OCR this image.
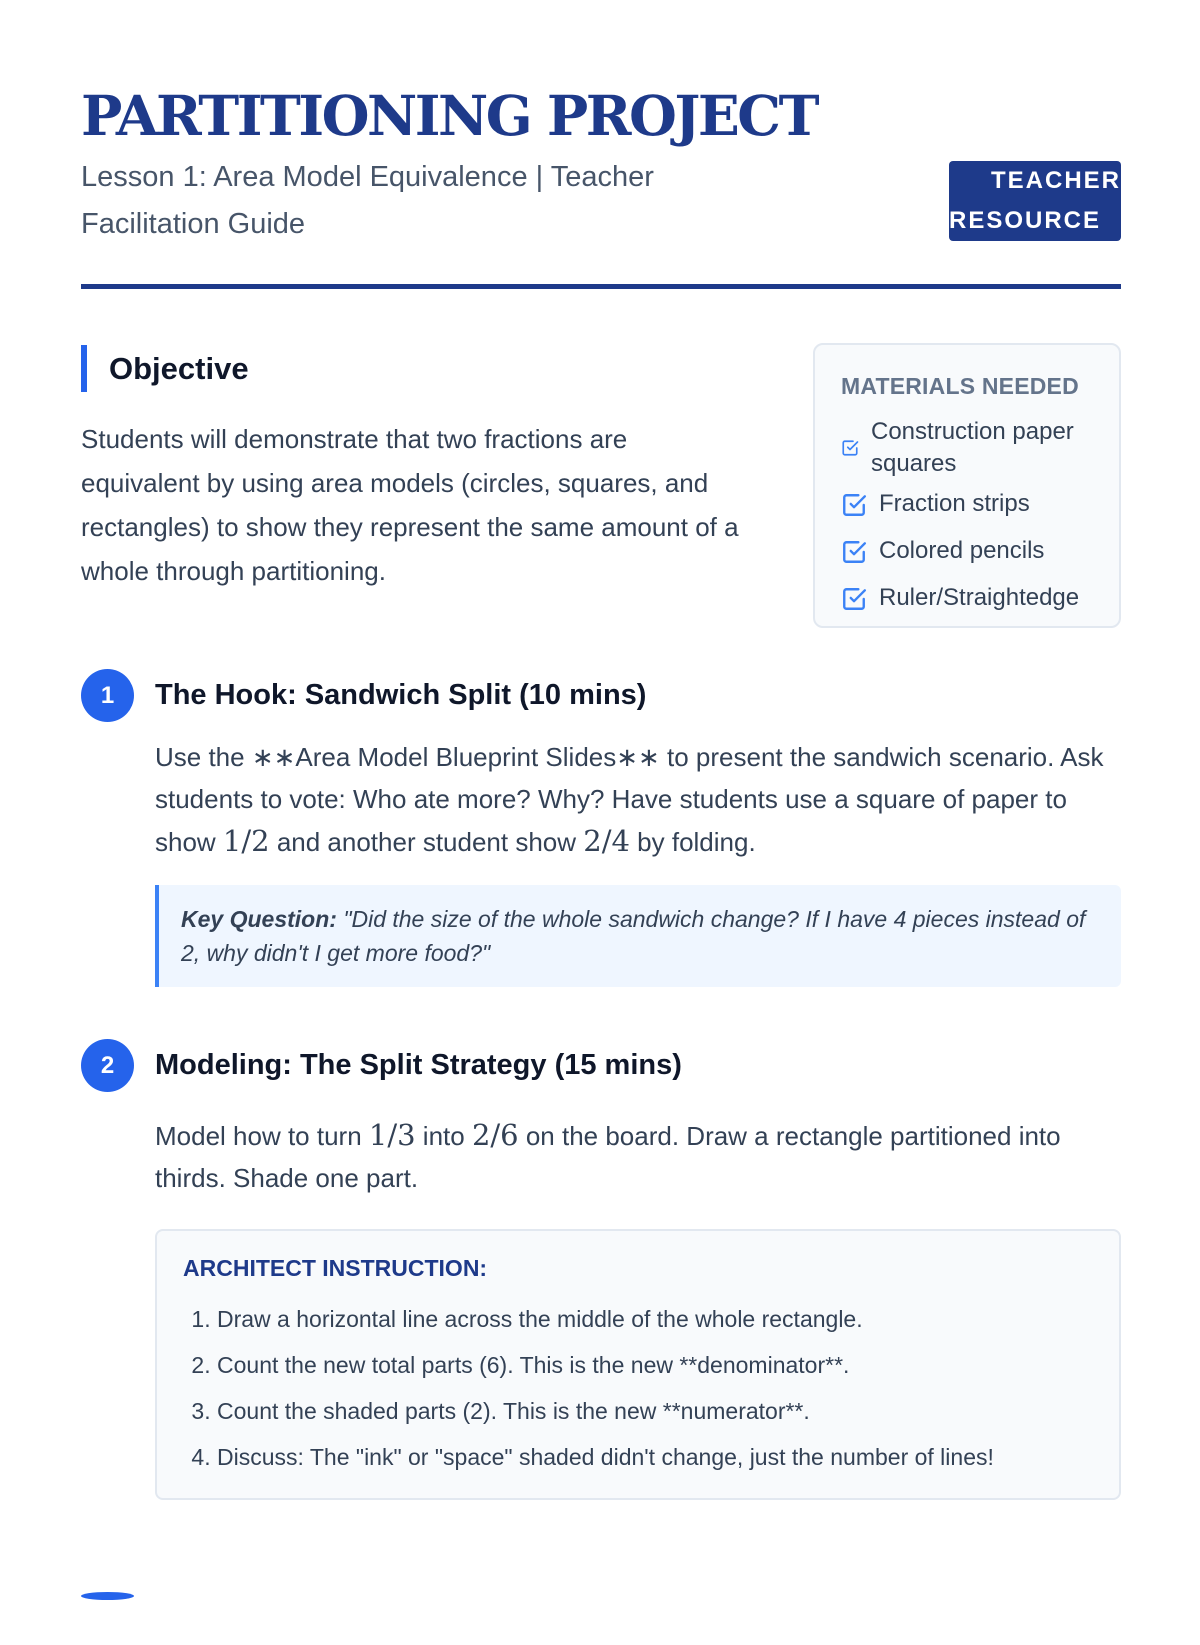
PARTITIONING PROJECT
Lesson 1: Area Model Equivalence | Teacher Facilitation Guide
TEACHER
RESOURCE
Objective
Students will demonstrate that two fractions are equivalent by using area models (circles, squares, and rectangles) to show they represent the same amount of a whole through partitioning.
MATERIALS NEEDED
Construction paper squares
Fraction strips
Colored pencils
Ruler/Straightedge
1	The Hook: Sandwich Split (10 mins)
Use the ∗∗Area Model Blueprint Slides∗∗ to present the sandwich scenario. Ask students to vote: Who ate more? Why? Have students use a square of paper to show 1/2 and another student show 2/4 by folding.
Key Question: "Did the size of the whole sandwich change? If I have 4 pieces instead of 2, why didn't I get more food?"
2	Modeling: The Split Strategy (15 mins)
Model how to turn 1/3 into 2/6 on the board. Draw a rectangle partitioned into thirds. Shade one part.
ARCHITECT INSTRUCTION:
1. Draw a horizontal line across the middle of the whole rectangle.
2. Count the new total parts (6). This is the new **denominator**.
3. Count the shaded parts (2). This is the new **numerator**.
4. Discuss: The "ink" or "space" shaded didn't change, just the number of lines!
3
